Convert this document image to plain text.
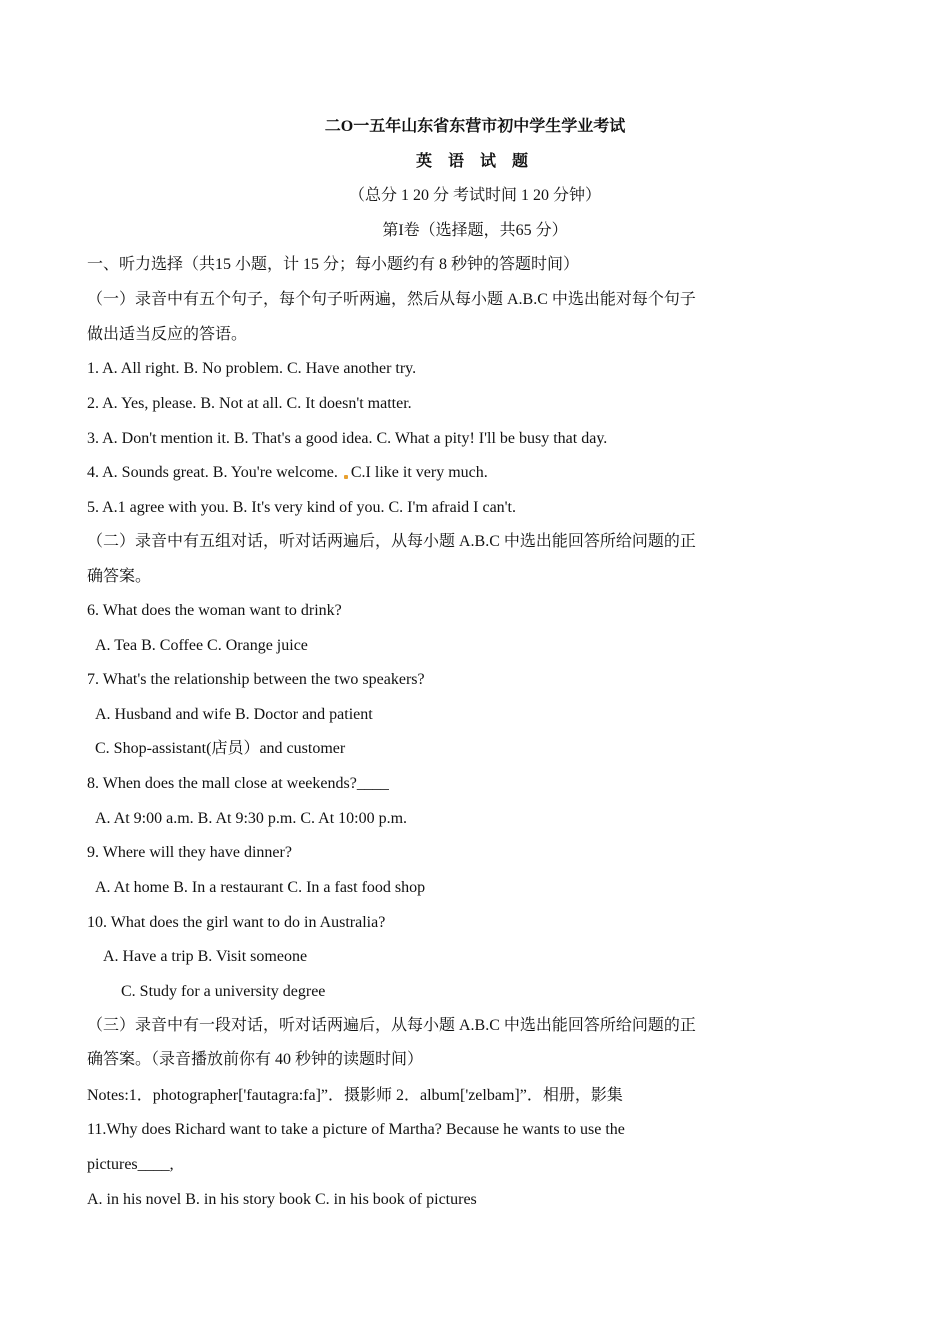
二O一五年山东省东营市初中学生学业考试
英 语 试 题
（总分 1 20 分 考试时间 1 20 分钟）
第I卷（选择题，共65 分）
一、听力选择（共15 小题，计 15 分；每小题约有 8 秒钟的答题时间）
（一）录音中有五个句子，每个句子听两遍，然后从每小题 A.B.C 中选出能对每个句子
做出适当反应的答语。
1. A. All right. B. No problem. C. Have another try.
2. A. Yes, please. B. Not at all. C. It doesn't matter.
3. A. Don't mention it. B. That's a good idea. C. What a pity! I'll be busy that day.
4. A. Sounds great. B. You're welcome. C.I like it very much.
5. A.1 agree with you. B. It's very kind of you. C. I'm afraid I can't.
（二）录音中有五组对话，听对话两遍后，从每小题 A.B.C 中选出能回答所给问题的正
确答案。
6. What does the woman want to drink?
A. Tea B. Coffee C. Orange juice
7. What's the relationship between the two speakers?
A. Husband and wife B. Doctor and patient
C. Shop-assistant(店员）and customer
8. When does the mall close at weekends?____
A. At 9:00 a.m. B. At 9:30 p.m. C. At 10:00 p.m.
9. Where will they have dinner?
A. At home B. In a restaurant C. In a fast food shop
10. What does the girl want to do in Australia?
A. Have a trip B. Visit someone
C. Study for a university degree
（三）录音中有一段对话，听对话两遍后，从每小题 A.B.C 中选出能回答所给问题的正
确答案。（录音播放前你有 40 秒钟的读题时间）
Notes:1．photographer['fautagra:fa]”．摄影师 2．album['zelbam]”．相册，影集
11.Why does Richard want to take a picture of Martha? Because he wants to use the
pictures____,
A. in his novel B. in his story book C. in his book of pictures
